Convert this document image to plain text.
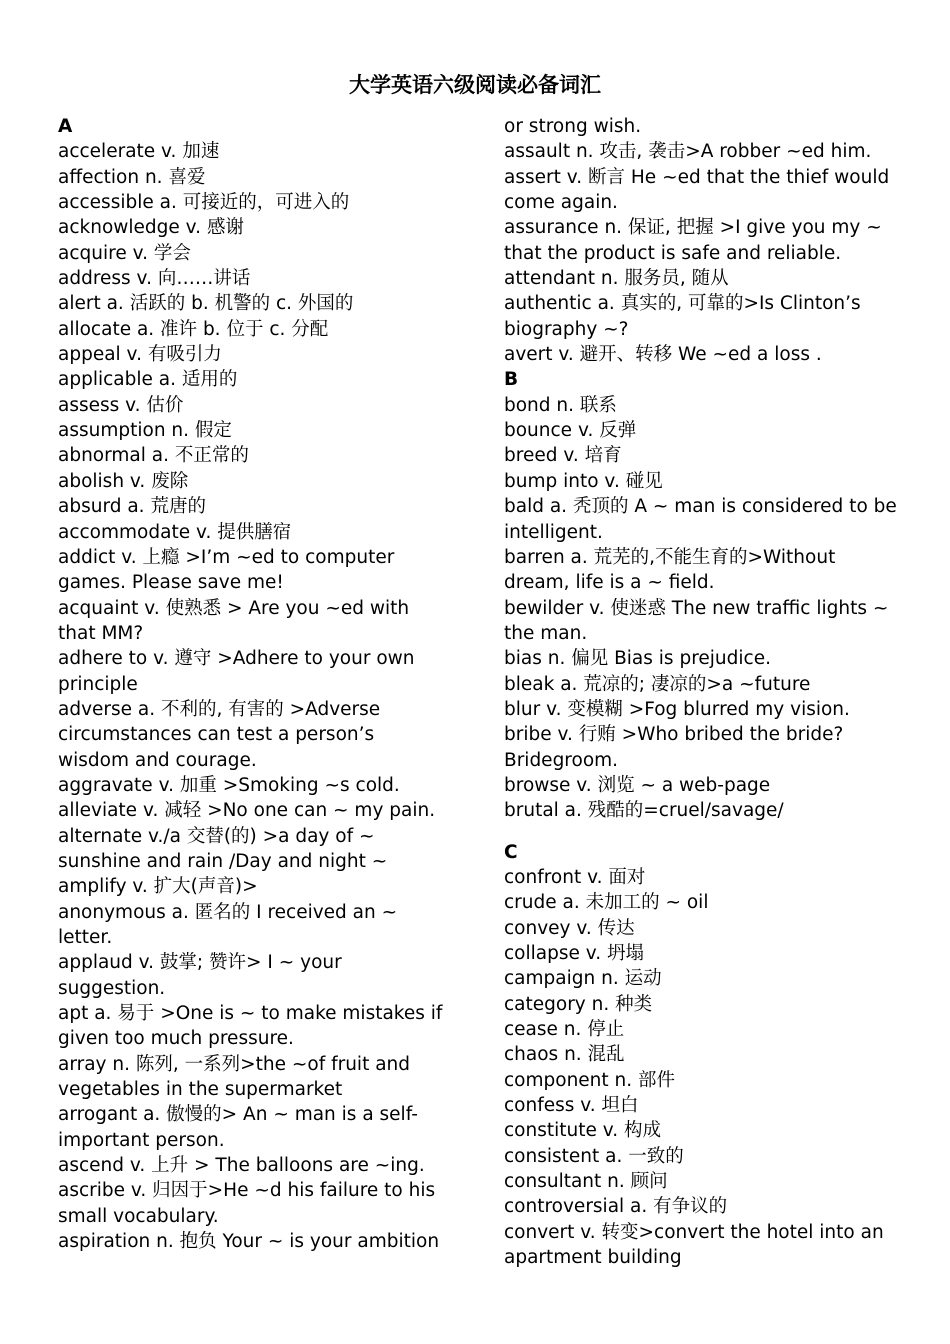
大学英语六级阅读必备词汇
A
accelerate v. 加速
affection n. 喜爱
accessible a. 可接近的，可进入的
acknowledge v. 感谢
acquire v. 学会
address v. 向……讲话
alert a. 活跃的 b. 机警的 c. 外国的
allocate a. 准许 b. 位于 c. 分配
appeal v. 有吸引力
applicable a. 适用的
assess v. 估价
assumption n. 假定
abnormal a. 不正常的
abolish v. 废除
absurd a. 荒唐的
accommodate v. 提供膳宿
addict v. 上瘾 >I’m ~ed to computer
games. Please save me!
acquaint v. 使熟悉 > Are you ~ed with
that MM?
adhere to v. 遵守 >Adhere to your own
principle
adverse a. 不利的, 有害的 >Adverse
circumstances can test a person’s
wisdom and courage.
aggravate v. 加重 >Smoking ~s cold.
alleviate v. 减轻 >No one can ~ my pain.
alternate v./a 交替(的) >a day of ~
sunshine and rain /Day and night ~
amplify v. 扩大(声音)>
anonymous a. 匿名的 I received an ~
letter.
applaud v. 鼓掌; 赞许> I ~ your
suggestion.
apt a. 易于 >One is ~ to make mistakes if
given too much pressure.
array n. 陈列, 一系列>the ~of fruit and
vegetables in the supermarket
arrogant a. 傲慢的> An ~ man is a self-
important person.
ascend v. 上升 > The balloons are ~ing.
ascribe v. 归因于>He ~d his failure to his
small vocabulary.
aspiration n. 抱负 Your ~ is your ambition
or strong wish.
assault n. 攻击, 袭击>A robber ~ed him.
assert v. 断言 He ~ed that the thief would
come again.
assurance n. 保证, 把握 >I give you my ~
that the product is safe and reliable.
attendant n. 服务员, 随从
authentic a. 真实的, 可靠的>Is Clinton’s
biography ~?
avert v. 避开、转移 We ~ed a loss .
B
bond n. 联系
bounce v. 反弹
breed v. 培育
bump into v. 碰见
bald a. 秃顶的 A ~ man is considered to be
intelligent.
barren a. 荒芜的,不能生育的>Without
dream, life is a ~ field.
bewilder v. 使迷惑 The new traffic lights ~
the man.
bias n. 偏见 Bias is prejudice.
bleak a. 荒凉的; 凄凉的>a ~future
blur v. 变模糊 >Fog blurred my vision.
bribe v. 行贿 >Who bribed the bride?
Bridegroom.
browse v. 浏览 ~ a web-page
brutal a. 残酷的=cruel/savage/
C
confront v. 面对
crude a. 未加工的 ~ oil
convey v. 传达
collapse v. 坍塌
campaign n. 运动
category n. 种类
cease n. 停止
chaos n. 混乱
component n. 部件
confess v. 坦白
constitute v. 构成
consistent a. 一致的
consultant n. 顾问
controversial a. 有争议的
convert v. 转变>convert the hotel into an
apartment building
